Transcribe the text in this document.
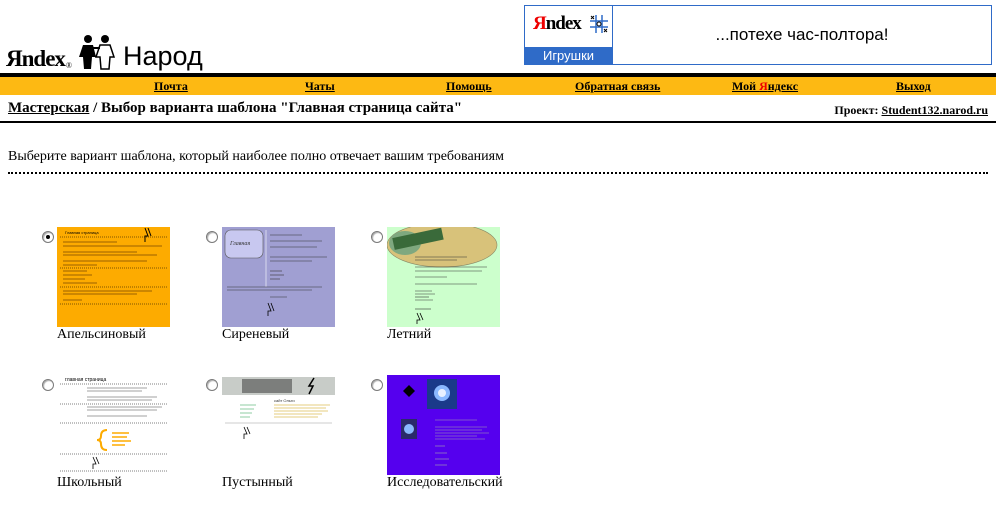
Яndex ® Народ
Яndex
Игрушки
...потехе час-полтора!
Почта	Чаты	Помощь	Обратная связь	Мой Яндекс	Выход
Мастерская / Выбор варианта шаблона "Главная страница сайта"	Проект: Student132.narod.ru
Выберите вариант шаблона, который наиболее полно отвечает вашим требованиям
Главная страница
Апельсиновый
Главная
Сиреневый	Летний
главная страница
Школьный
сайт Ольги
Пустынный	Исследовательский
